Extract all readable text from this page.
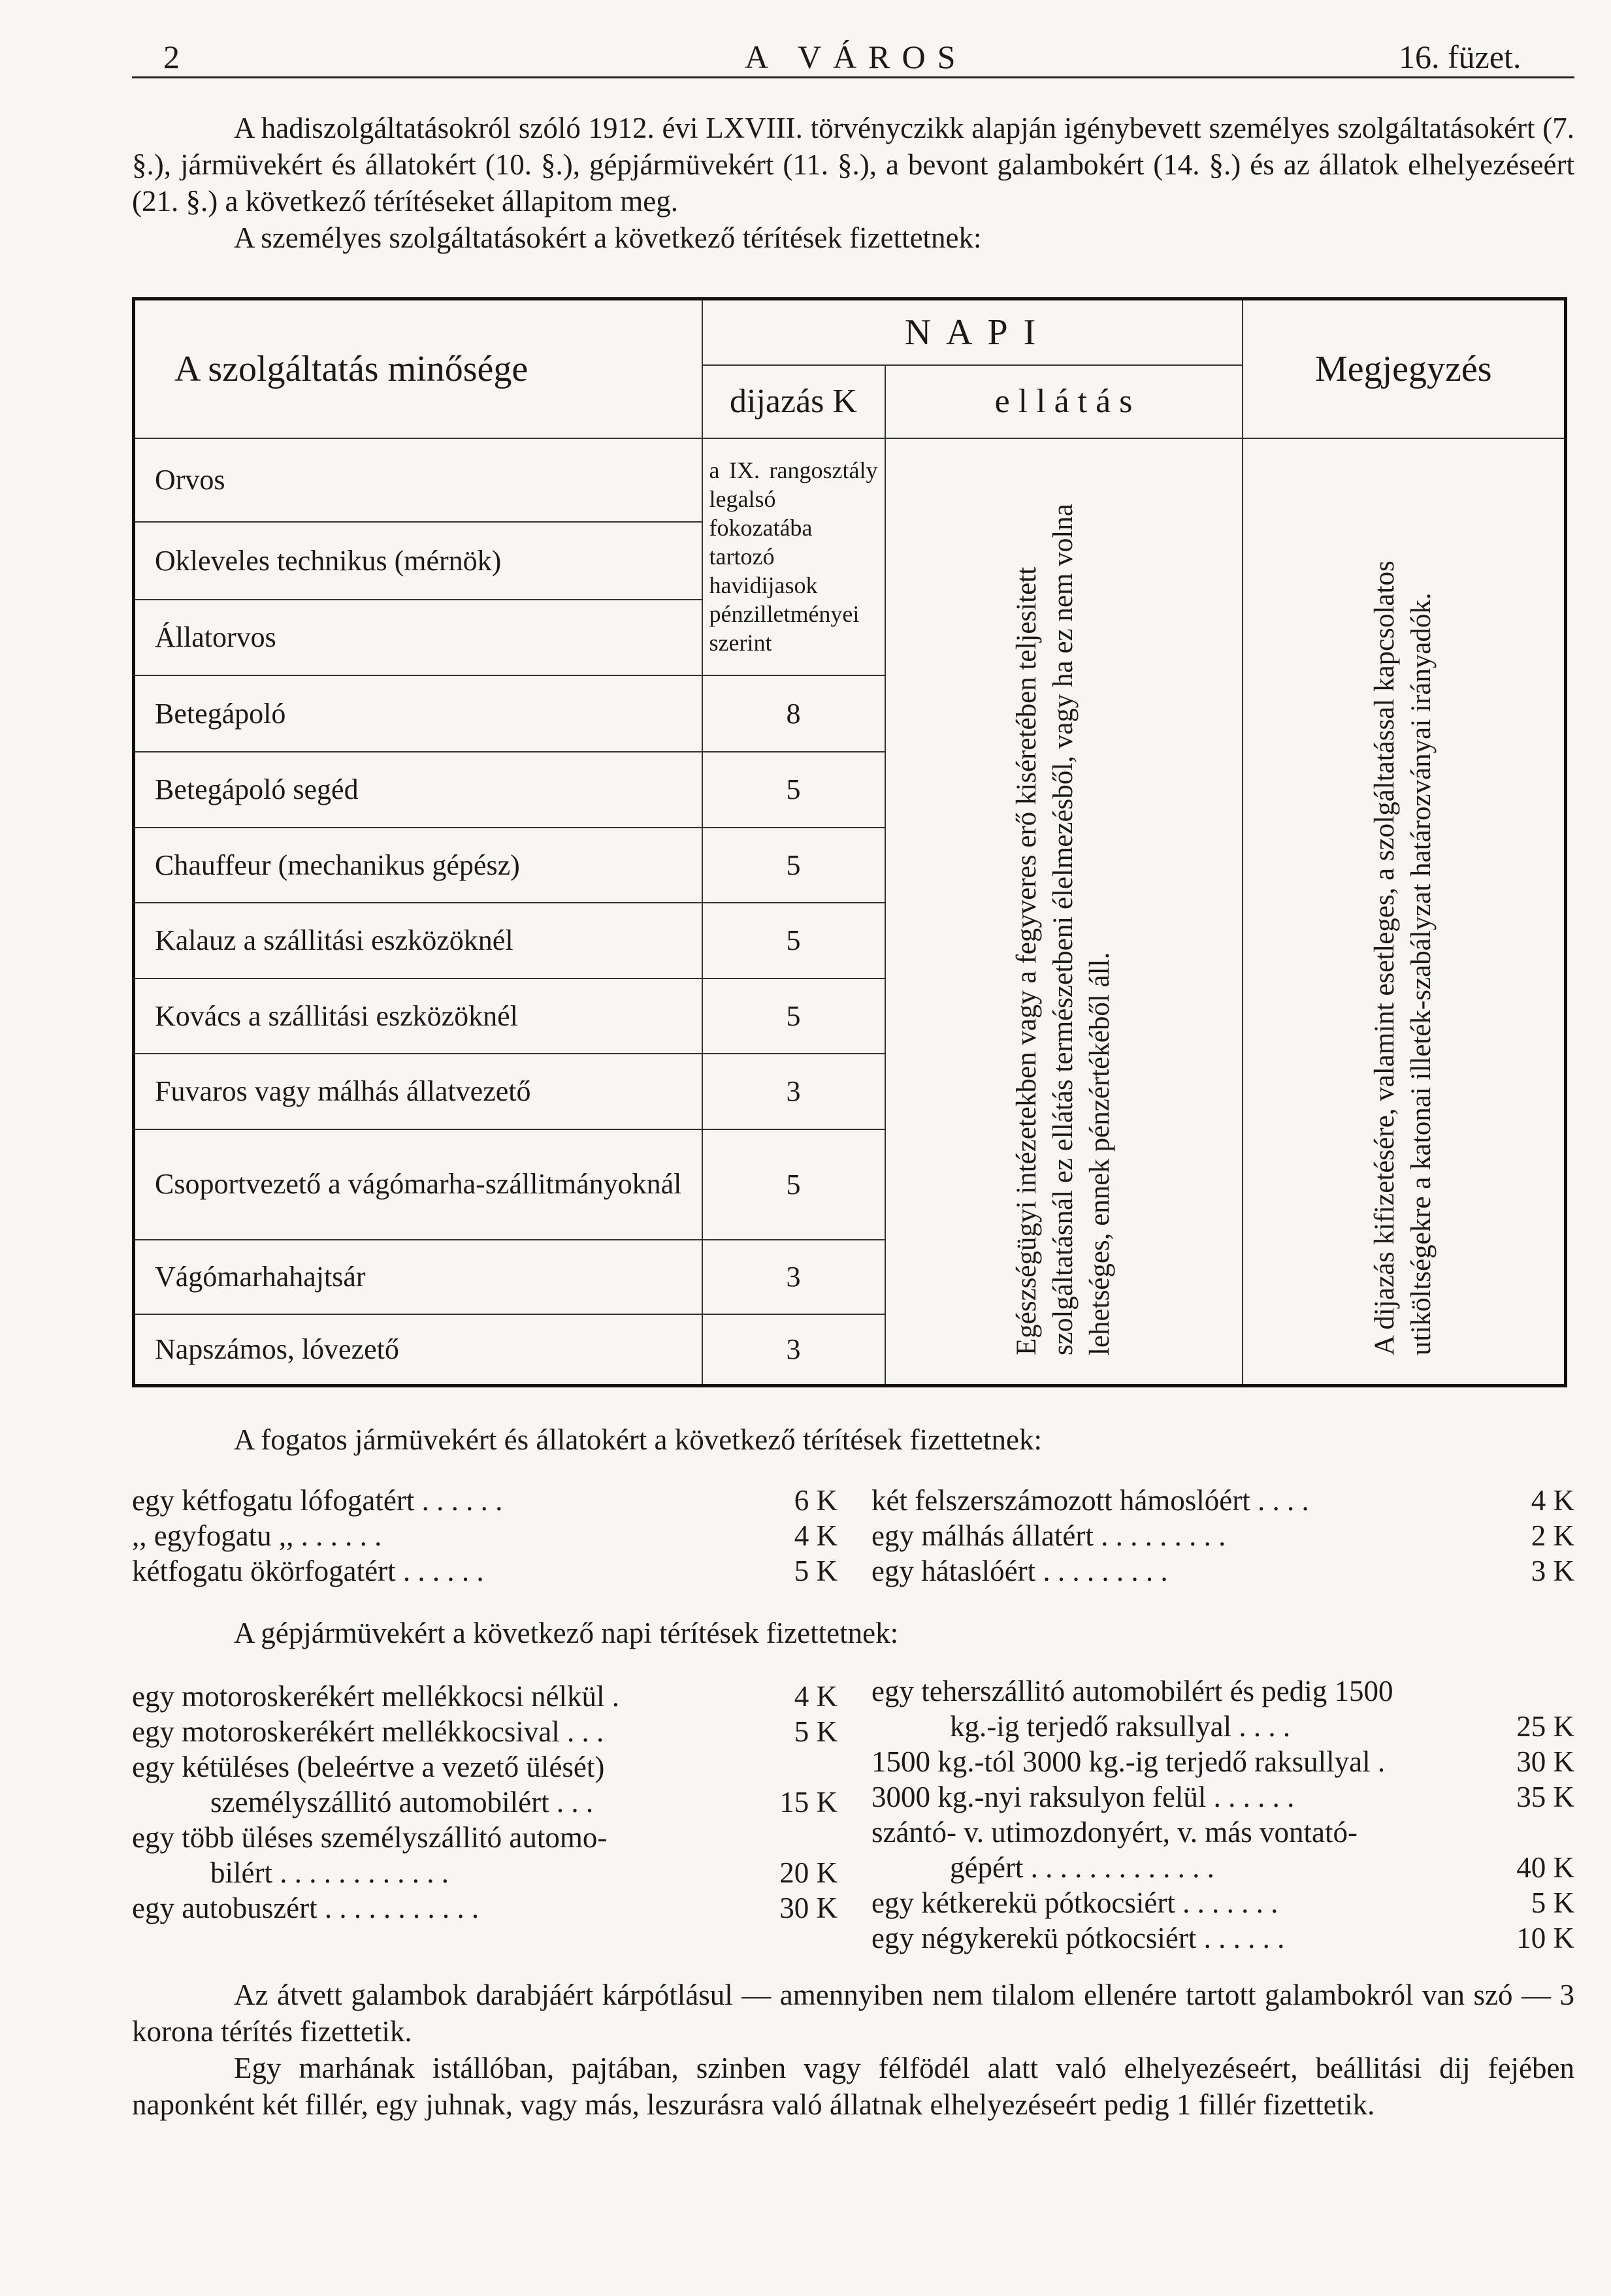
2	A VÁROS	16. füzet.

A hadiszolgáltatásokról szóló 1912. évi LXVIII. törvényczikk alapján igénybevett személyes szolgáltatásokért (7. §.), jármüvekért és állatokért (10. §.), gépjármüvekért (11. §.), a bevont galambokért (14. §.) és az állatok elhelyezéseért (21. §.) a következő térítéseket állapitom meg.

A személyes szolgáltatásokért a következő térítések fizettetnek:

A szolgáltatás minősége	N A P I		Megjegyzés
	dijazás K	e l l á t á s	
Orvos	a IX. rangosztály legalsó fokozatába tartozó havidijasok pénzilletményei szerint	Egészségügyi intézetekben vagy a fegyveres erő kiséretében teljesitett szolgáltatásnál ez ellátás természetbeni élelmezésből, vagy ha ez nem volna lehetséges, ennek pénzértékéből áll.	A dijazás kifizetésére, valamint esetleges, a szolgáltatással kapcsolatos utiköltségekre a katonai illeték-szabályzat határozványai irányadók.

Okleveles technikus (mérnök)			
Állatorvos			
Betegápoló	8		
Betegápoló segéd	5		
Chauffeur (mechanikus gépész)	5		
Kalauz a szállitási eszközöknél	5		
Kovács a szállitási eszközöknél	5		
Fuvaros vagy málhás állatvezető	3		
Csoportvezető a vágómarha-szállitmányoknál	5		
Vágómarhahajtsár	3		
Napszámos, lóvezető	3		

A fogatos jármüvekért és állatokért a következő térítések fizettetnek:

egy kétfogatu lófogatért . . . . . .	6 K
,, egyfogatu ,, . . . . . .	4 K
kétfogatu ökörfogatért . . . . . .	5 K
két felszerszámozott hámoslóért . . . .	4 K
egy málhás állatért . . . . . . . . .	2 K
egy hátaslóért . . . . . . . . .	3 K

A gépjármüvekért a következő napi térítések fizettetnek:

egy motoroskerékért mellékkocsi nélkül .	4 K
egy motoroskerékért mellékkocsival . . .	5 K
egy kétüléses (beleértve a vezető ülését)
személyszállitó automobilért . . .	15 K
egy több üléses személyszállitó automo-
bilért . . . . . . . . . . . .	20 K
egy autobuszért . . . . . . . . . . .	30 K
egy teherszállitó automobilért és pedig 1500
kg.-ig terjedő raksullyal . . . .	25 K
1500 kg.-tól 3000 kg.-ig terjedő raksullyal .	30 K
3000 kg.-nyi raksulyon felül . . . . . .	35 K
szántó- v. utimozdonyért, v. más vontató-
gépért . . . . . . . . . . . . .	40 K
egy kétkerekü pótkocsiért . . . . . . .	5 K
egy négykerekü pótkocsiért . . . . . .	10 K

Az átvett galambok darabjáért kárpótlásul — amennyiben nem tilalom ellenére tartott galambokról van szó — 3 korona térítés fizettetik.

Egy marhának istállóban, pajtában, szinben vagy félfödél alatt való elhelyezéseért, beállitási dij fejében naponként két fillér, egy juhnak, vagy más, leszurásra való állatnak elhelyezéseért pedig 1 fillér fizettetik.
